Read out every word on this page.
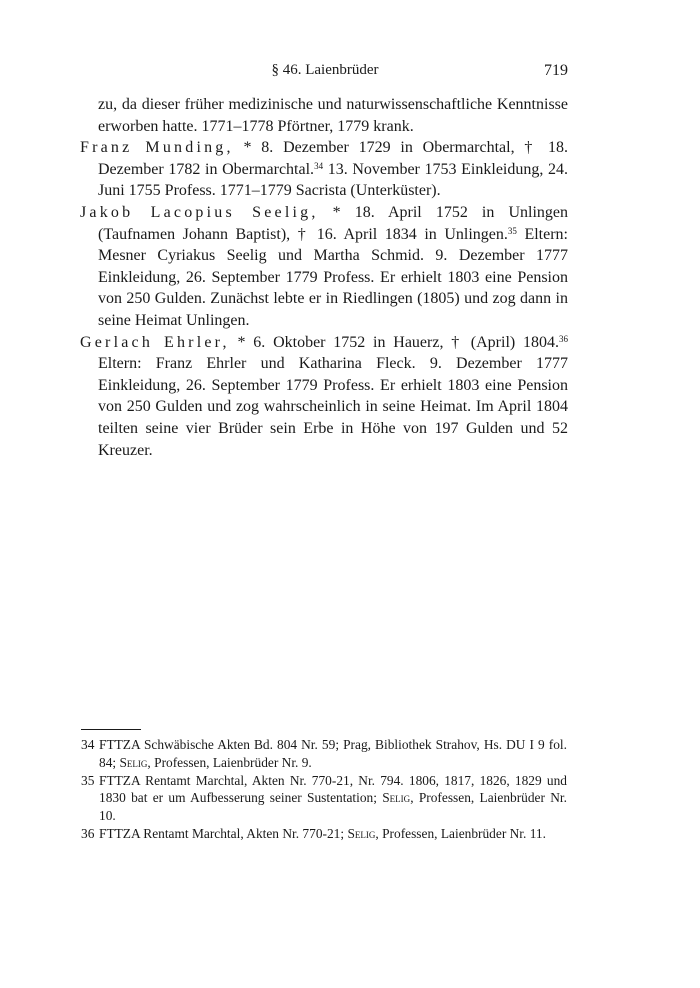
§ 46. Laienbrüder	719

zu, da dieser früher medizinische und naturwissenschaftliche Kenntnisse erworben hatte. 1771–1778 Pförtner, 1779 krank.

Franz Munding, * 8. Dezember 1729 in Obermarchtal, † 18. Dezember 1782 in Obermarchtal.$^{34}$ 13. November 1753 Einkleidung, 24. Juni 1755 Profess. 1771–1779 Sacrista (Unterküster).

Jakob Lacopius Seelig, * 18. April 1752 in Unlingen (Taufnamen Johann Baptist), † 16. April 1834 in Unlingen.$^{35}$ Eltern: Mesner Cyriakus Seelig und Martha Schmid. 9. Dezember 1777 Einkleidung, 26. September 1779 Profess. Er erhielt 1803 eine Pension von 250 Gulden. Zunächst lebte er in Riedlingen (1805) und zog dann in seine Heimat Unlingen.

Gerlach Ehrler, * 6. Oktober 1752 in Hauerz, † (April) 1804.36 Eltern: Franz Ehrler und Katharina Fleck. 9. Dezember 1777 Einkleidung, 26. September 1779 Profess. Er erhielt 1803 eine Pension von 250 Gulden und zog wahrscheinlich in seine Heimat. Im April 1804 teilten seine vier Brüder sein Erbe in Höhe von 197 Gulden und 52 Kreuzer.

34 FTTZA Schwäbische Akten Bd. 804 Nr. 59; Prag, Bibliothek Strahov, Hs. DU I 9 fol. 84; Selig, Professen, Laienbrüder Nr. 9.

35 FTTZA Rentamt Marchtal, Akten Nr. 770-21, Nr. 794. 1806, 1817, 1826, 1829 und 1830 bat er um Aufbesserung seiner Sustentation; Selig, Professen, Laienbrüder Nr. 10.

36 FTTZA Rentamt Marchtal, Akten Nr. 770-21; Selig, Professen, Laienbrüder Nr. 11.
